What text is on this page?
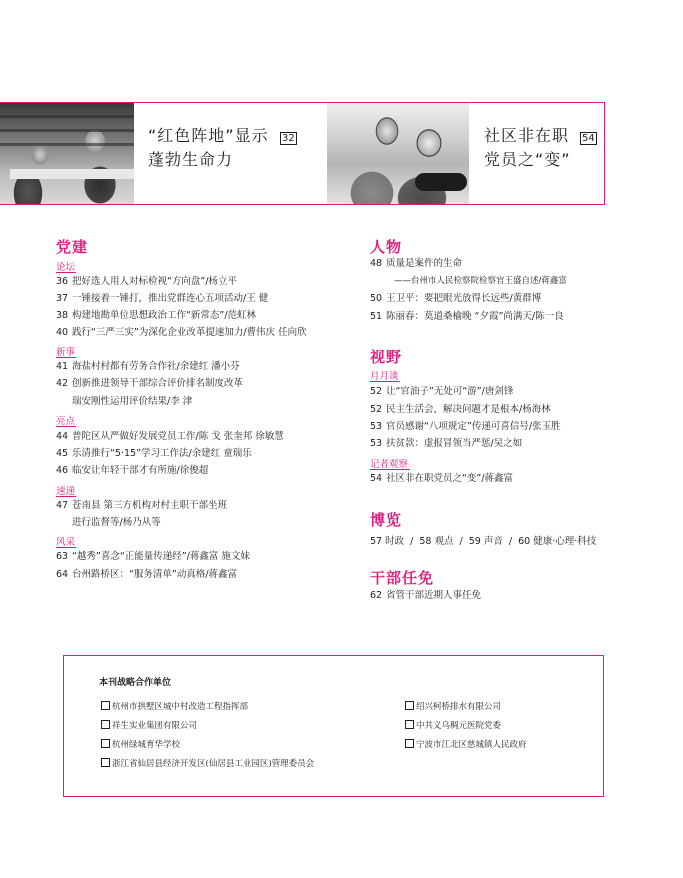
“红色阵地”显示 32
蓬勃生命力
社区非在职 54
党员之“变”
党建
论坛
36 把好选人用人对标检视“方向盘”/杨立平
37 一锤接着一锤打，推出党群连心五项活动/王 健
38 构建地勘单位思想政治工作“新常态”/范虹林
40 践行“三严三实”为深化企业改革提速加力/曹伟庆 任向欣
新事
41 海盐村村都有劳务合作社/余建红 潘小芬
42 创新推进领导干部综合评价排名制度改革
瑞安刚性运用评价结果/李 津
亮点
44 普陀区从严做好发展党员工作/陈 戈 张奎邦 徐敏慧
45 乐清推行“5·15”学习工作法/余建红 童瑞乐
46 临安让年轻干部才有所施/徐俊超
速递
47 苍南县 第三方机构对村主职干部坐班
进行监督等/杨乃从等
风采
63 “越秀”喜念“正能量传递经”/蒋鑫富 施文妹
64 台州路桥区：“服务清单”动真格/蒋鑫富
人物
48 质量是案件的生命
——台州市人民检察院检察官王盛自述/蒋鑫富
50 王卫平：要把眼光放得长远些/黄群博
51 陈丽春：莫道桑榆晚 “夕霞”尚满天/陈一良
视野
月月谈
52 让“官油子”无处可“游”/唐剑锋
52 民主生活会，解决问题才是根本/杨海林
53 官员感谢“八项规定”传递可喜信号/张玉胜
53 扶贫款：虚报冒领当严惩/吴之如
记者观察
54 社区非在职党员之“变”/蒋鑫富
博览
57 时政 / 58 观点 / 59 声音 / 60 健康·心理·科技
干部任免
62 省管干部近期人事任免
本刊战略合作单位
杭州市拱墅区城中村改造工程指挥部
祥生实业集团有限公司
杭州绿城育华学校
浙江省仙居县经济开发区(仙居县工业园区)管理委员会
绍兴柯桥排水有限公司
中共义乌稠元医院党委
宁波市江北区慈城镇人民政府
